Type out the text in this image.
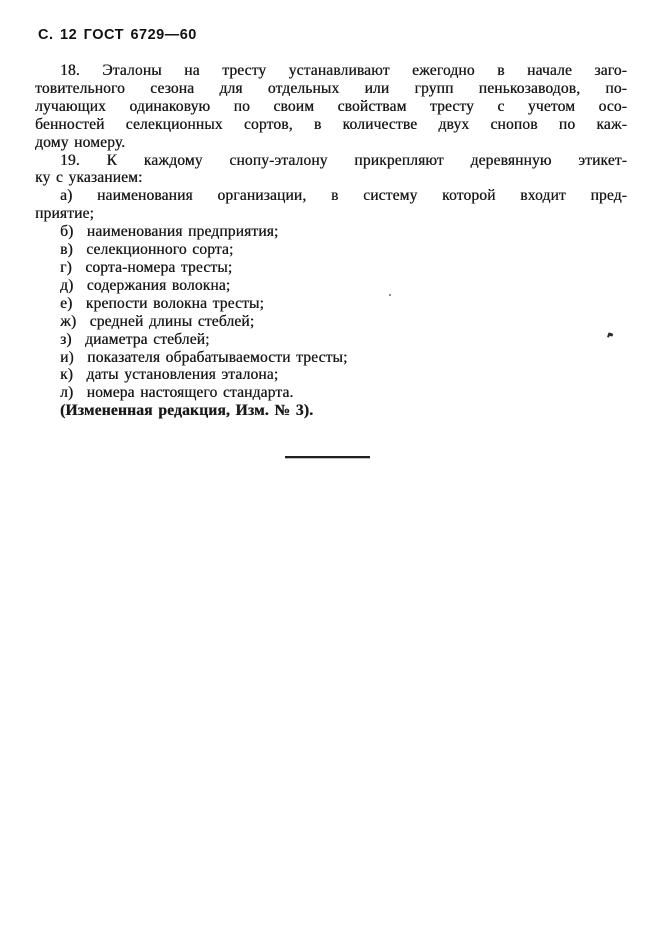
С. 12 ГОСТ 6729—60
18. Эталоны на тресту устанавливают ежегодно в начале заго-
товительного сезона для отдельных или групп пенькозаводов, по-
лучающих одинаковую по своим свойствам тресту с учетом осо-
бенностей селекционных сортов, в количестве двух снопов по каж-
дому номеру.
19. К каждому снопу-эталону прикрепляют деревянную этикет-
ку с указанием:
а) наименования организации, в систему которой входит пред-
приятие;
б)  наименования предприятия;
в)  селекционного сорта;
г)  сорта-номера тресты;
д)  содержания волокна;
е)  крепости волокна тресты;
ж)  средней длины стеблей;
з)  диаметра стеблей;
и)  показателя обрабатываемости тресты;
к)  даты установления эталона;
л)  номера настоящего стандарта.
(Измененная редакция, Изм. № 3).
